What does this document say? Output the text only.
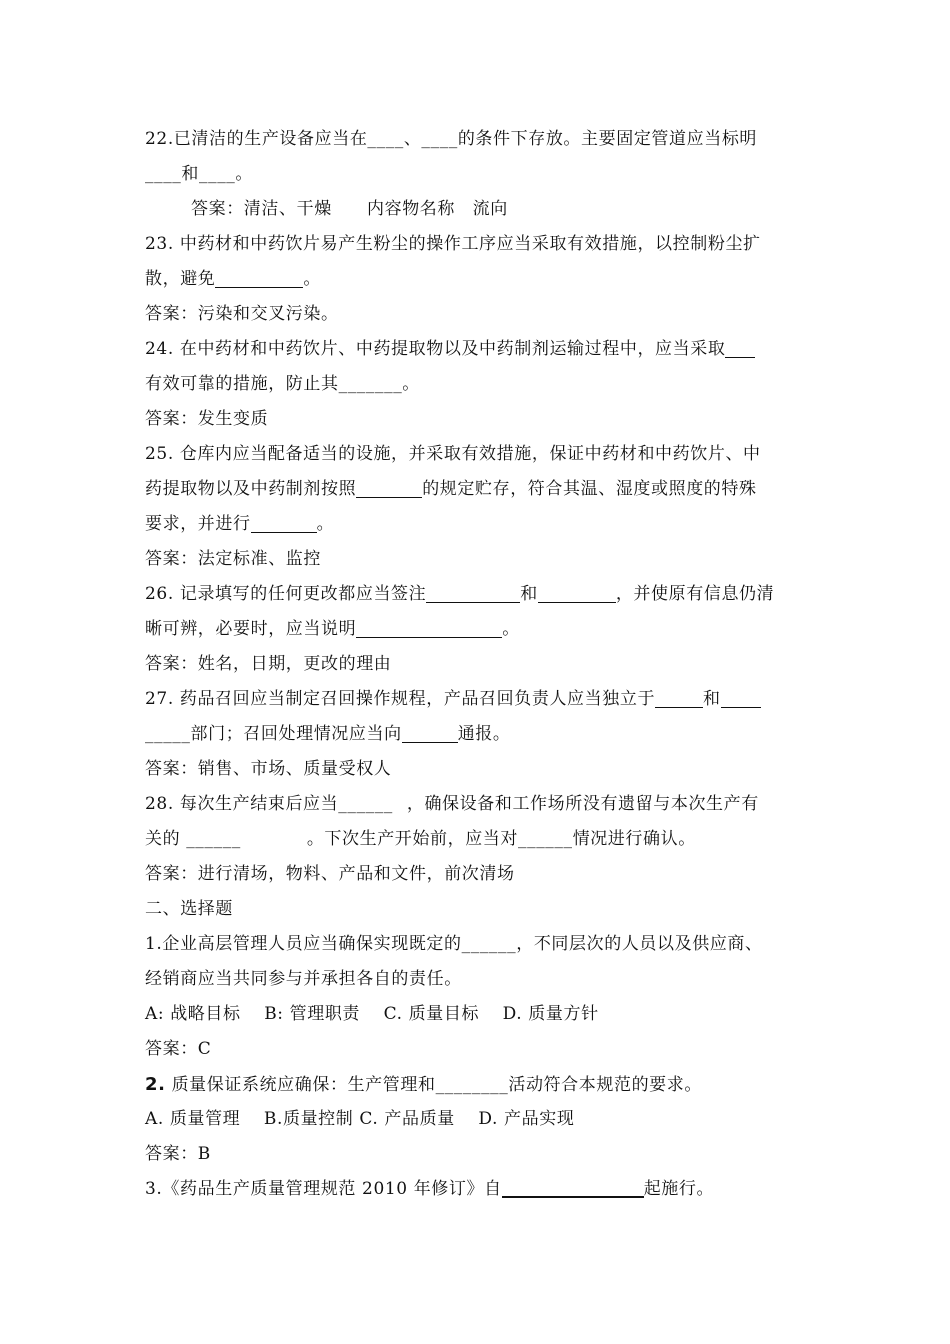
22.已清洁的生产设备应当在____、____的条件下存放。主要固定管道应当标明
____和____。
答案：清洁、干燥　　内容物名称　流向
23. 中药材和中药饮片易产生粉尘的操作工序应当采取有效措施，以控制粉尘扩
散，避免	。
答案：污染和交叉污染。
24. 在中药材和中药饮片、中药提取物以及中药制剂运输过程中，应当采取
有效可靠的措施，防止其_______。
答案：发生变质
25. 仓库内应当配备适当的设施，并采取有效措施，保证中药材和中药饮片、中
药提取物以及中药制剂按照	的规定贮存，符合其温、湿度或照度的特殊
要求，并进行	。
答案：法定标准、监控
26. 记录填写的任何更改都应当签注	和	，并使原有信息仍清
晰可辨，必要时，应当说明	。
答案：姓名，日期，更改的理由
27. 药品召回应当制定召回操作规程，产品召回负责人应当独立于	和
_____部门；召回处理情况应当向	通报。
答案：销售、市场、质量受权人
28. 每次生产结束后应当______ ，确保设备和工作场所没有遗留与本次生产有
关的 ______	。下次生产开始前，应当对______情况进行确认。
答案：进行清场，物料、产品和文件，前次清场
二、选择题
1.企业高层管理人员应当确保实现既定的______，不同层次的人员以及供应商、
经销商应当共同参与并承担各自的责任。
A: 战略目标　 B: 管理职责　 C. 质量目标　 D. 质量方针
答案：C
2. 质量保证系统应确保：生产管理和________活动符合本规范的要求。
A. 质量管理　 B.质量控制 C. 产品质量　 D. 产品实现
答案：B
3.《药品生产质量管理规范 2010 年修订》自	起施行。
